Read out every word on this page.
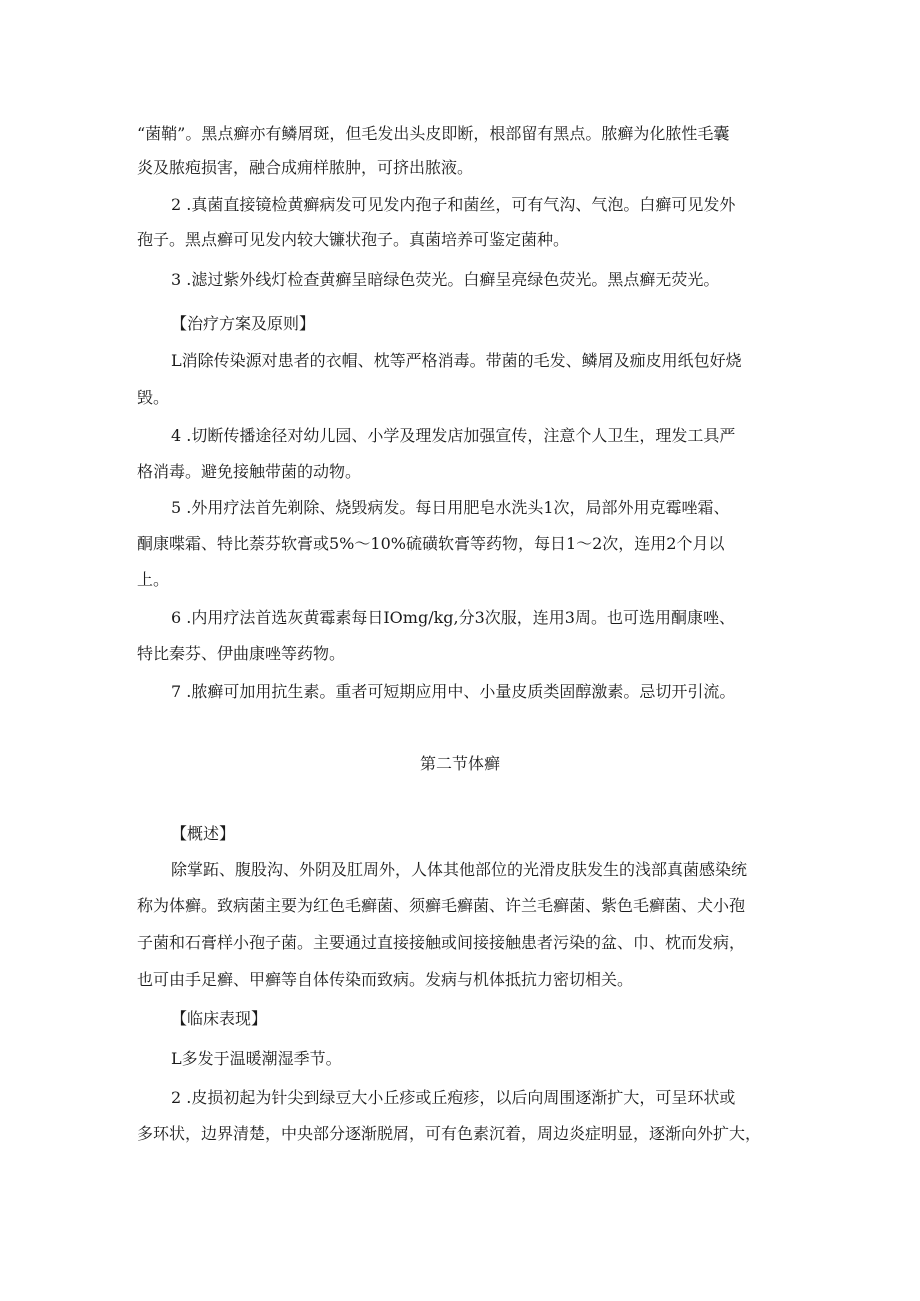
“菌鞘”。黑点癣亦有鳞屑斑，但毛发出头皮即断，根部留有黑点。脓癣为化脓性毛囊
炎及脓疱损害，融合成痈样脓肿，可挤出脓液。
2 .真菌直接镜检黄癣病发可见发内孢子和菌丝，可有气沟、气泡。白癣可见发外
孢子。黑点癣可见发内较大镰状孢子。真菌培养可鉴定菌种。
3 .滤过紫外线灯检查黄癣呈暗绿色荧光。白癣呈亮绿色荧光。黑点癣无荧光。
【治疗方案及原则】
L消除传染源对患者的衣帽、枕等严格消毒。带菌的毛发、鳞屑及痂皮用纸包好烧
毁。
4 .切断传播途径对幼儿园、小学及理发店加强宣传，注意个人卫生，理发工具严
格消毒。避免接触带菌的动物。
5 .外用疗法首先剃除、烧毁病发。每日用肥皂水洗头1次，局部外用克霉唑霜、
酮康喋霜、特比萘芬软膏或5%〜10%硫磺软膏等药物，每日1〜2次，连用2个月以
上。
6 .内用疗法首选灰黄霉素每日IOmg∕kg,分3次服，连用3周。也可选用酮康唑、
特比秦芬、伊曲康唑等药物。
7 .脓癣可加用抗生素。重者可短期应用中、小量皮质类固醇激素。忌切开引流。
第二节体癣
【概述】
除掌跖、腹股沟、外阴及肛周外，人体其他部位的光滑皮肤发生的浅部真菌感染统
称为体癣。致病菌主要为红色毛癣菌、须癣毛癣菌、许兰毛癣菌、紫色毛癣菌、犬小孢
子菌和石膏样小孢子菌。主要通过直接接触或间接接触患者污染的盆、巾、枕而发病，
也可由手足癣、甲癣等自体传染而致病。发病与机体抵抗力密切相关。
【临床表现】
L多发于温暖潮湿季节。
2 .皮损初起为针尖到绿豆大小丘疹或丘疱疹，以后向周围逐渐扩大，可呈环状或
多环状，边界清楚，中央部分逐渐脱屑，可有色素沉着，周边炎症明显，逐渐向外扩大，
